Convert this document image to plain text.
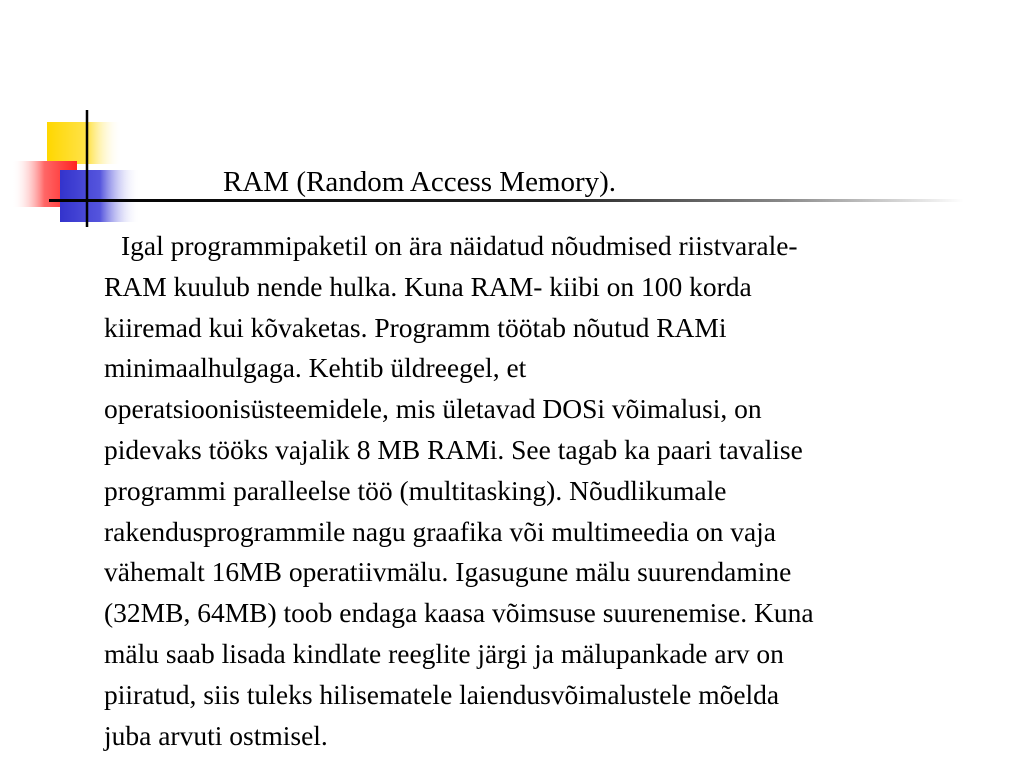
RAM (Random Access Memory).
Igal programmipaketil on ära näidatud nõudmised riistvarale-
RAM kuulub nende hulka. Kuna RAM- kiibi on 100 korda
kiiremad kui kõvaketas. Programm töötab nõutud RAMi
minimaalhulgaga. Kehtib üldreegel, et
operatsioonisüsteemidele, mis ületavad DOSi võimalusi, on
pidevaks tööks vajalik 8 MB RAMi. See tagab ka paari tavalise
programmi paralleelse töö (multitasking). Nõudlikumale
rakendusprogrammile nagu graafika või multimeedia on vaja
vähemalt 16MB operatiivmälu. Igasugune mälu suurendamine
(32MB, 64MB) toob endaga kaasa võimsuse suurenemise. Kuna
mälu saab lisada kindlate reeglite järgi ja mälupankade arv on
piiratud, siis tuleks hilisematele laiendusvõimalustele mõelda
juba arvuti ostmisel.
